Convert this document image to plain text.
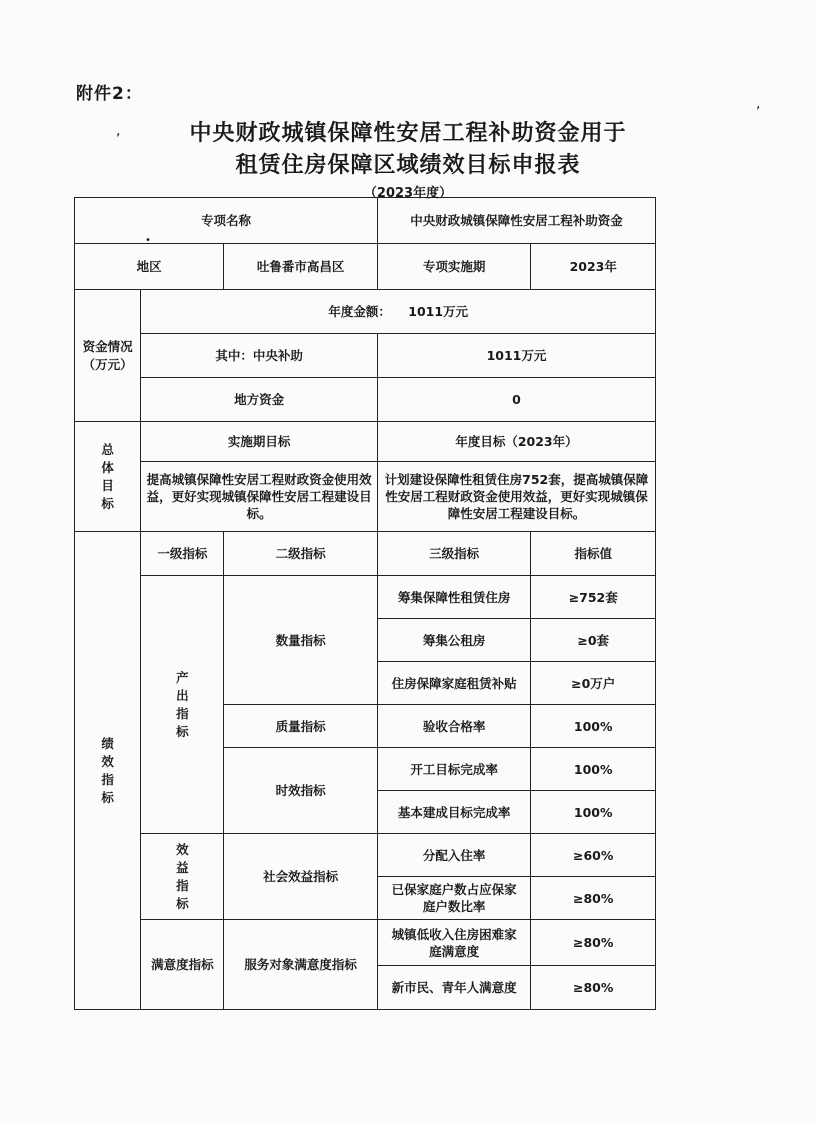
附件2：
,
,
中央财政城镇保障性安居工程补助资金用于
租赁住房保障区域绩效目标申报表
（2023年度）
专项名称			中央财政城镇保障性安居工程补助资金	
地区		吐鲁番市高昌区	专项实施期	2023年
资金情况（万元）	年度金额： 1011万元			
	其中：中央补助		1011万元	
	地方资金		0	
总体目标	实施期目标		年度目标（2023年）	
	提高城镇保障性安居工程财政资金使用效益，更好实现城镇保障性安居工程建设目标。		计划建设保障性租赁住房752套，提高城镇保障性安居工程财政资金使用效益，更好实现城镇保障性安居工程建设目标。	
绩效指标	一级指标	二级指标	三级指标	指标值
	产出指标	数量指标	筹集保障性租赁住房	≥752套
			筹集公租房	≥0套
			住房保障家庭租赁补贴	≥0万户
		质量指标	验收合格率	100%
		时效指标	开工目标完成率	100%
			基本建成目标完成率	100%
	效益指标	社会效益指标	分配入住率	≥60%
			已保家庭户数占应保家庭户数比率	≥80%
	满意度指标	服务对象满意度指标	城镇低收入住房困难家庭满意度	≥80%
			新市民、青年人满意度	≥80%
•
